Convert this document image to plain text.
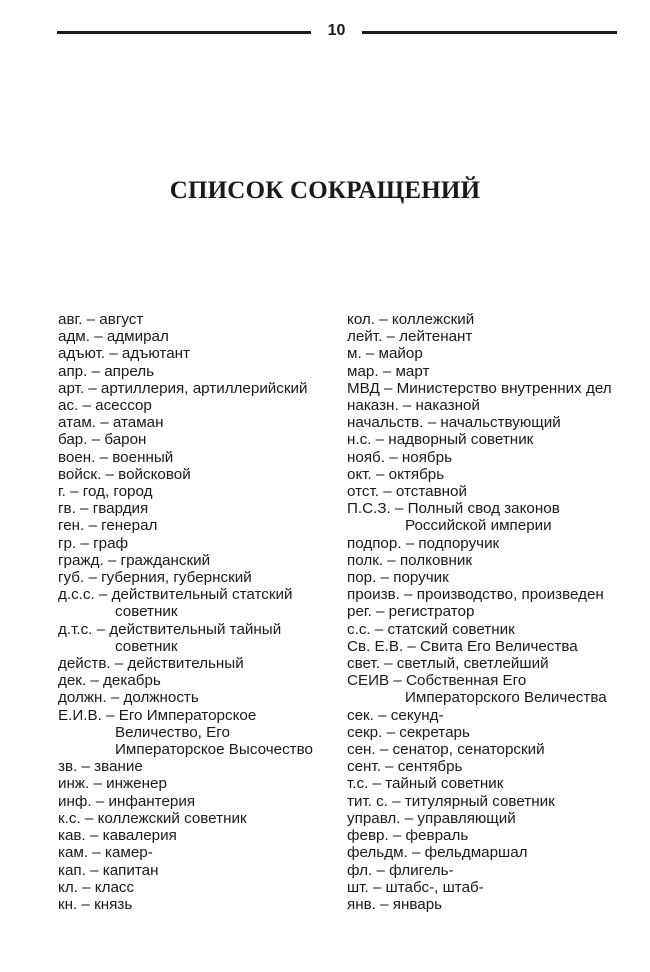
10
СПИСОК СОКРАЩЕНИЙ
авг. – август
адм. – адмирал
адъют. – адъютант
апр. – апрель
арт. – артиллерия, артиллерийский
ас. – асессор
атам. – атаман
бар. – барон
воен. – военный
войск. – войсковой
г. – год, город
гв. – гвардия
ген. – генерал
гр. – граф
гражд. – гражданский
губ. – губерния, губернский
д.с.с. – действительный статский советник
д.т.с. – действительный тайный советник
действ. – действительный
дек. – декабрь
должн. – должность
Е.И.В. – Его Императорское Величество, Его Императорское Высочество
зв. – звание
инж. – инженер
инф. – инфантерия
к.с. – коллежский советник
кав. – кавалерия
кам. – камер-
кап. – капитан
кл. – класс
кн. – князь
кол. – коллежский
лейт. – лейтенант
м. – майор
мар. – март
МВД – Министерство внутренних дел
наказн. – наказной
начальств. – начальствующий
н.с. – надворный советник
нояб. – ноябрь
окт. – октябрь
отст. – отставной
П.С.З. – Полный свод законов Российской империи
подпор. – подпоручик
полк. – полковник
пор. – поручик
произв. – производство, произведен
рег. – регистратор
с.с. – статский советник
Св. Е.В. – Свита Его Величества
свет. – светлый, светлейший
СЕИВ – Собственная Его Императорского Величества
сек. – секунд-
секр. – секретарь
сен. – сенатор, сенаторский
сент. – сентябрь
т.с. – тайный советник
тит. с. – титулярный советник
управл. – управляющий
февр. – февраль
фельдм. – фельдмаршал
фл. – флигель-
шт. – штабс-, штаб-
янв. – январь
